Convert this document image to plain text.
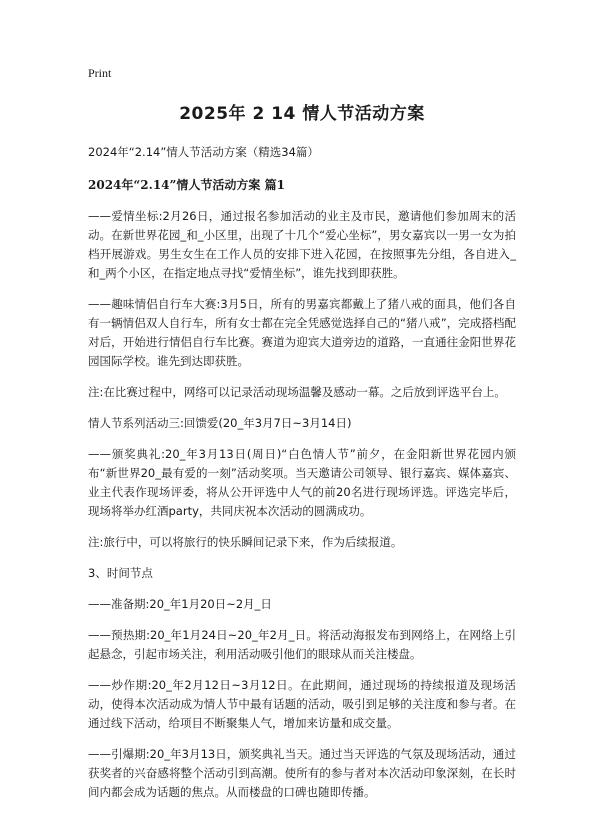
Print
2025年 2 14 情人节活动方案

2024年“2.14”情人节活动方案（精选34篇）

2024年“2.14”情人节活动方案 篇1

——爱情坐标:2月26日，通过报名参加活动的业主及市民，邀请他们参加周末的活动。在新世界花园_和_小区里，出现了十几个“爱心坐标”，男女嘉宾以一男一女为拍档开展游戏。男生女生在工作人员的安排下进入花园，在按照事先分组，各自进入_和_两个小区，在指定地点寻找“爱情坐标”，谁先找到即获胜。

——趣味情侣自行车大赛:3月5日，所有的男嘉宾都戴上了猪八戒的面具，他们各自有一辆情侣双人自行车，所有女士都在完全凭感觉选择自己的“猪八戒”，完成搭档配对后，开始进行情侣自行车比赛。赛道为迎宾大道旁边的道路，一直通往金阳世界花园国际学校。谁先到达即获胜。

注:在比赛过程中，网络可以记录活动现场温馨及感动一幕。之后放到评选平台上。

情人节系列活动三:回馈爱(20_年3月7日~3月14日)

——颁奖典礼:20_年3月13日(周日)“白色情人节”前夕，在金阳新世界花园内颁布“新世界20_最有爱的一刻”活动奖项。当天邀请公司领导、银行嘉宾、媒体嘉宾、业主代表作现场评委，将从公开评选中人气的前20名进行现场评选。评选完毕后，现场将举办红酒party，共同庆祝本次活动的圆满成功。

注:旅行中，可以将旅行的快乐瞬间记录下来，作为后续报道。

3、时间节点

——准备期:20_年1月20日~2月_日

——预热期:20_年1月24日~20_年2月_日。将活动海报发布到网络上，在网络上引起悬念，引起市场关注，利用活动吸引他们的眼球从而关注楼盘。

——炒作期:20_年2月12日~3月12日。在此期间，通过现场的持续报道及现场活动，使得本次活动成为情人节中最有话题的活动，吸引到足够的关注度和参与者。在通过线下活动，给项目不断聚集人气，增加来访量和成交量。

——引爆期:20_年3月13日，颁奖典礼当天。通过当天评选的气氛及现场活动，通过获奖者的兴奋感将整个活动引到高潮。使所有的参与者对本次活动印象深刻，在长时间内都会成为话题的焦点。从而楼盘的口碑也随即传播。
